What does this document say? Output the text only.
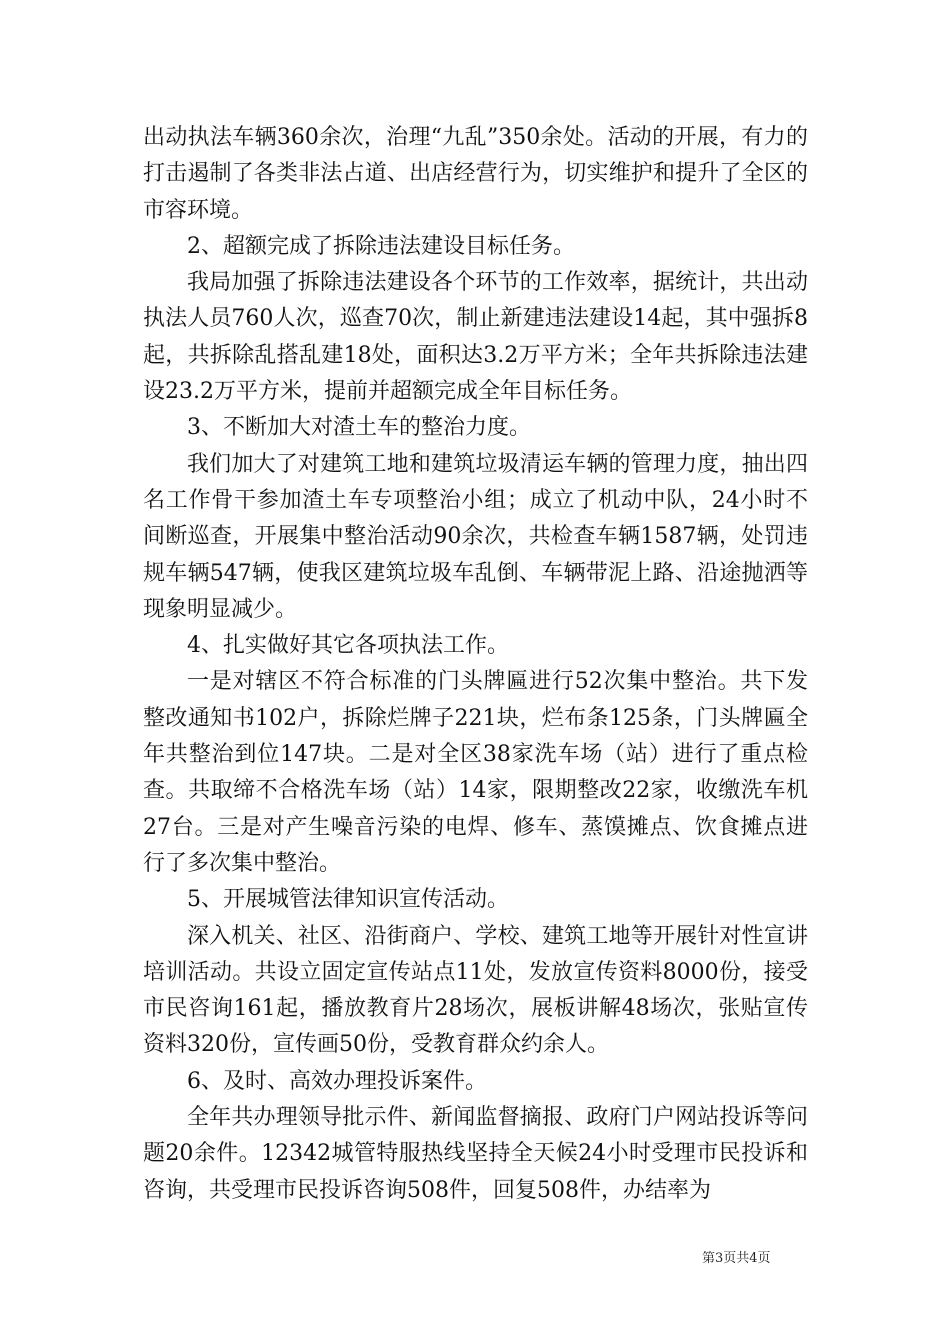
出动执法车辆360余次，治理“九乱”350余处。活动的开展，有力的打击遏制了各类非法占道、出店经营行为，切实维护和提升了全区的市容环境。

2、超额完成了拆除违法建设目标任务。

我局加强了拆除违法建设各个环节的工作效率，据统计，共出动执法人员760人次，巡查70次，制止新建违法建设14起，其中强拆8起，共拆除乱搭乱建18处，面积达3.2万平方米；全年共拆除违法建设23.2万平方米，提前并超额完成全年目标任务。

3、不断加大对渣土车的整治力度。

我们加大了对建筑工地和建筑垃圾清运车辆的管理力度，抽出四名工作骨干参加渣土车专项整治小组；成立了机动中队，24小时不间断巡查，开展集中整治活动90余次，共检查车辆1587辆，处罚违规车辆547辆，使我区建筑垃圾车乱倒、车辆带泥上路、沿途抛洒等现象明显减少。

4、扎实做好其它各项执法工作。

一是对辖区不符合标准的门头牌匾进行52次集中整治。共下发整改通知书102户，拆除烂牌子221块，烂布条125条，门头牌匾全年共整治到位147块。二是对全区38家洗车场（站）进行了重点检查。共取缔不合格洗车场（站）14家，限期整改22家，收缴洗车机27台。三是对产生噪音污染的电焊、修车、蒸馍摊点、饮食摊点进行了多次集中整治。

5、开展城管法律知识宣传活动。

深入机关、社区、沿街商户、学校、建筑工地等开展针对性宣讲培训活动。共设立固定宣传站点11处，发放宣传资料8000份，接受市民咨询161起，播放教育片28场次，展板讲解48场次，张贴宣传资料320份，宣传画50份，受教育群众约余人。

6、及时、高效办理投诉案件。

全年共办理领导批示件、新闻监督摘报、政府门户网站投诉等问题20余件。12342城管特服热线坚持全天候24小时受理市民投诉和咨询，共受理市民投诉咨询508件，回复508件，办结率为

第3页共4页
